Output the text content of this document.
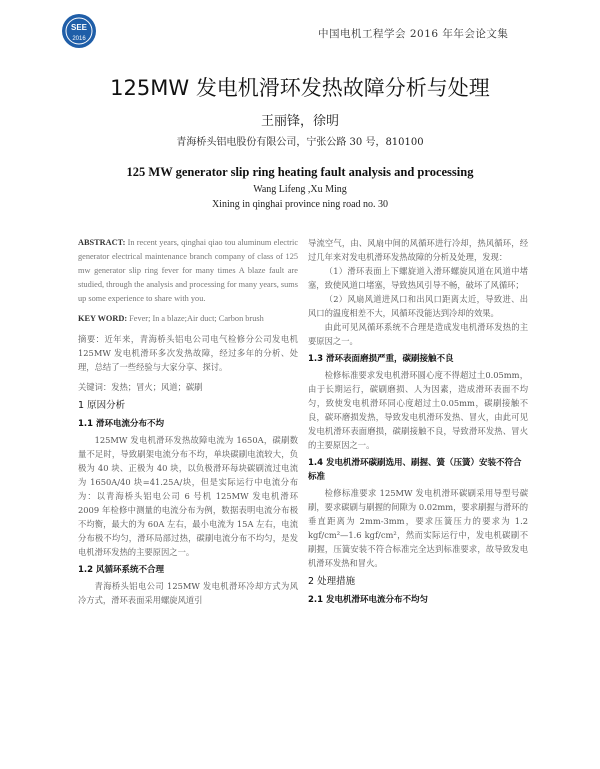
SEE
2016	中国电机工程学会 2016 年年会论文集
125MW 发电机滑环发热故障分析与处理
王丽锋，徐明
青海桥头铝电股份有限公司，宁张公路 30 号，810100
125 MW generator slip ring heating fault analysis and processing
Wang Lifeng ,Xu Ming
Xining in qinghai province ning road no. 30

ABSTRACT: In recent years, qinghai qiao tou aluminum electric generator electrical maintenance branch company of class of 125 mw generator slip ring fever for many times A blaze fault are studied, through the analysis and processing for many years, sums up some experience to share with you.

KEY WORD: Fever; In a blaze;Air duct; Carbon brush

摘要：近年来，青海桥头铝电公司电气检修分公司发电机 125MW 发电机滑环多次发热故障，经过多年的分析、处理，总结了一些经验与大家分享、探讨。

关键词：发热；冒火；风道；碳刷

1 原因分析
1.1 滑环电流分布不均

125MW 发电机滑环发热故障电流为 1650A，碳刷数量不足时，导致刷架电流分布不均，单块碳刷电流较大，负极为 40 块、正极为 40 块，以负极滑环每块碳刷流过电流为 1650A/40 块=41.25A/块，但是实际运行中电流分布为：以青海桥头铝电公司 6 号机 125MW 发电机滑环 2009 年检修中测量的电流分布为例，数据表明电流分布极不均衡，最大的为 60A 左右，最小电流为 15A 左右，电流分布极不均匀，滑环局部过热，碳刷电流分布不均匀，是发电机滑环发热的主要原因之一。

1.2 风循环系统不合理

青海桥头铝电公司 125MW 发电机滑环冷却方式为风冷方式，滑环表面采用螺旋风道引

导流空气，由、风扇中间的风循环进行冷却，热风循环，经过几年来对发电机滑环发热故障的分析及处理，发现：

（1）滑环表面上下螺旋道入滑环螺旋风道在风道中堵塞，致使风道口堵塞，导致热风引导不畅，破坏了风循环；

（2）风扇风道进风口和出风口距离太近，导致进、出风口的温度相差不大，风循环没能达到冷却的效果。

由此可见风循环系统不合理是造成发电机滑环发热的主要原因之一。

1.3 滑环表面磨损严重，碳刷接触不良

检修标准要求发电机滑环圆心度不得超过土0.05mm，由于长期运行，碳刷磨损、人为因素，造成滑环表面不均匀，致使发电机滑环同心度超过土0.05mm，碳刷接触不良，碳环磨损发热，导致发电机滑环发热、冒火，由此可见发电机滑环表面磨损，碳刷接触不良，导致滑环发热、冒火的主要原因之一。

1.4 发电机滑环碳刷选用、刷握、簧（压簧）安装不符合标准

检修标准要求 125MW 发电机滑环碳刷采用导型号碳刷，要求碳刷与刷握的间隙为 0.02mm，要求刷握与滑环的垂直距离为 2mm-3mm，要求压簧压力的要求为 1.2 kgf/cm²—1.6 kgf/cm²，然而实际运行中，发电机碳刷不刷握，压簧安装不符合标准完全达到标准要求，故导致发电机滑环发热和冒火。

2 处理措施
2.1 发电机滑环电流分布不均匀
